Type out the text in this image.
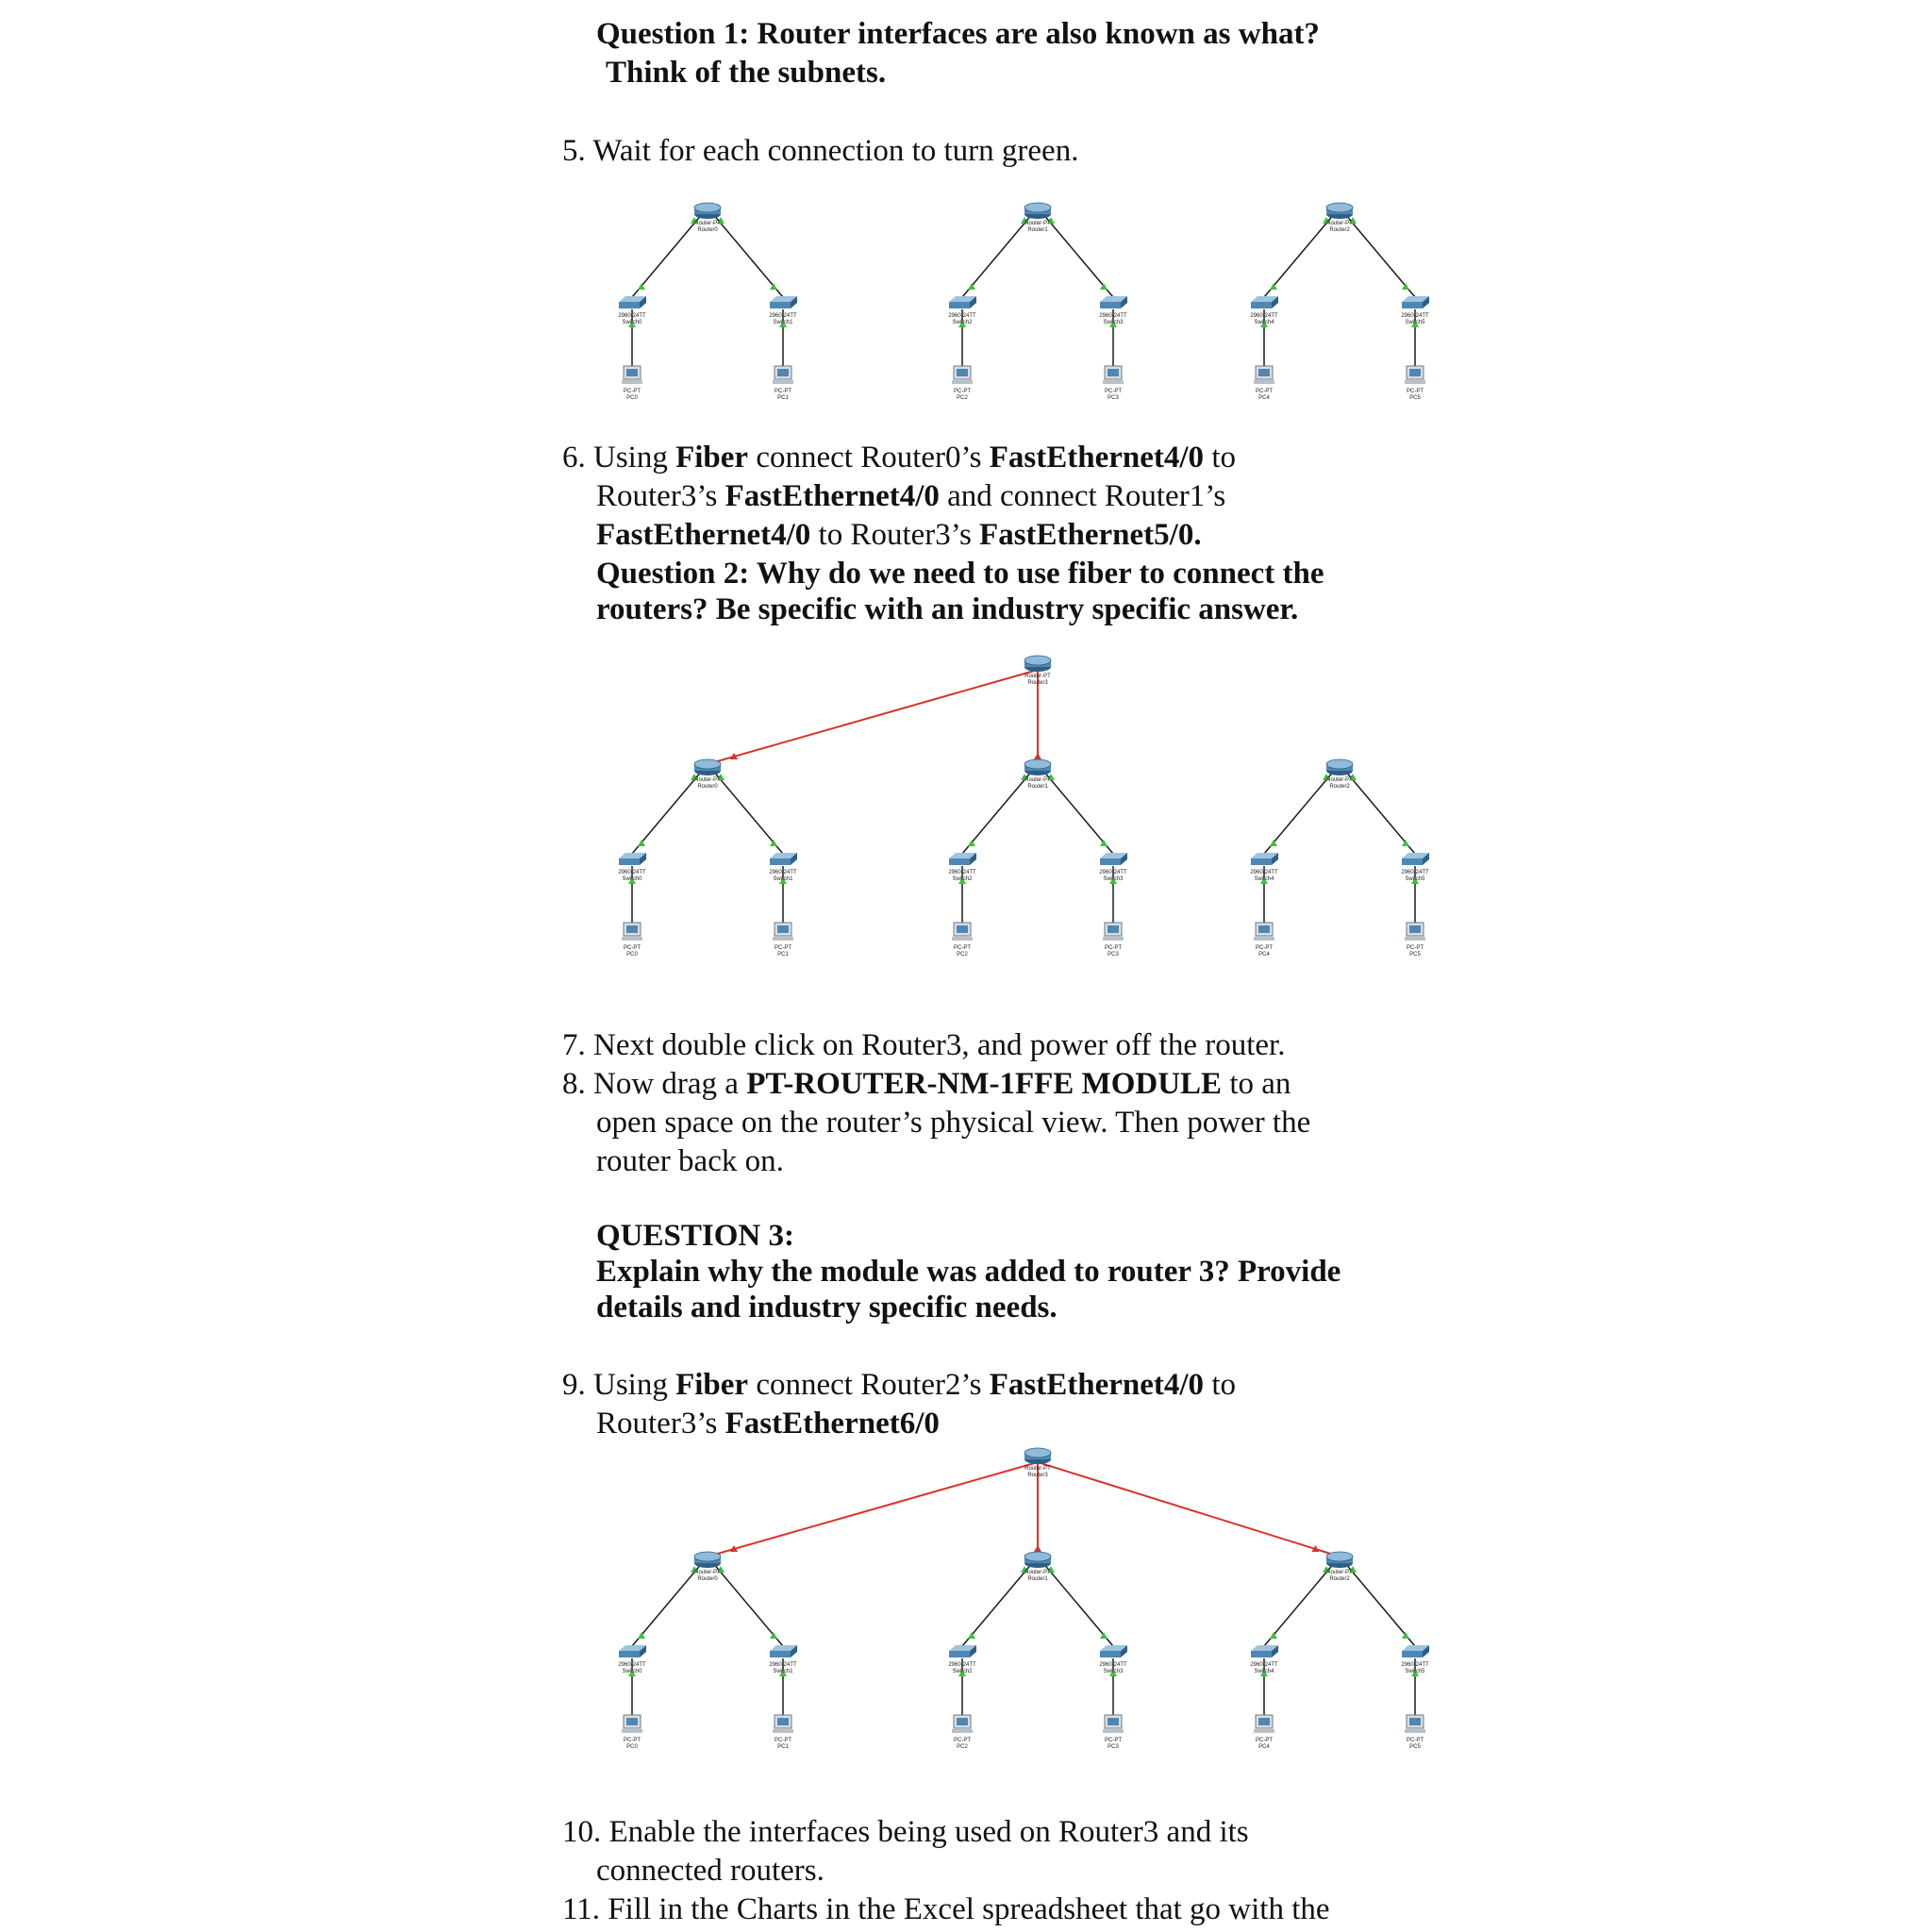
Question 1: Router interfaces are also known as what?
Think of the subnets.
5. Wait for each connection to turn green.
Router-PT
Router0
2960-24TT
Switch0
2960-24TT
Switch1
PC-PT
PC0
PC-PT
PC1
Router-PT
Router1
2960-24TT
Switch2
2960-24TT
Switch3
PC-PT
PC2
PC-PT
PC3
Router-PT
Router2
2960-24TT
Switch4
2960-24TT
Switch5
PC-PT
PC4
PC-PT
PC5
6. Using Fiber connect Router0’s FastEthernet4/0 to
Router3’s FastEthernet4/0 and connect Router1’s
FastEthernet4/0 to Router3’s FastEthernet5/0.
Question 2: Why do we need to use fiber to connect the
routers? Be specific with an industry specific answer.
Router-PT
Router3
Router-PT
Router0
2960-24TT
Switch0
2960-24TT
Switch1
PC-PT
PC0
PC-PT
PC1
Router-PT
Router1
2960-24TT
Switch2
2960-24TT
Switch3
PC-PT
PC2
PC-PT
PC3
Router-PT
Router2
2960-24TT
Switch4
2960-24TT
Switch5
PC-PT
PC4
PC-PT
PC5
7. Next double click on Router3, and power off the router.
8. Now drag a PT-ROUTER-NM-1FFE MODULE to an
open space on the router’s physical view. Then power the
router back on.
QUESTION 3:
Explain why the module was added to router 3? Provide
details and industry specific needs.
9. Using Fiber connect Router2’s FastEthernet4/0 to
Router3’s FastEthernet6/0
Router-PT
Router3
Router-PT
Router0
2960-24TT
Switch0
2960-24TT
Switch1
PC-PT
PC0
PC-PT
PC1
Router-PT
Router1
2960-24TT
Switch2
2960-24TT
Switch3
PC-PT
PC2
PC-PT
PC3
Router-PT
Router2
2960-24TT
Switch4
2960-24TT
Switch5
PC-PT
PC4
PC-PT
PC5
10. Enable the interfaces being used on Router3 and its
connected routers.
11. Fill in the Charts in the Excel spreadsheet that go with the
